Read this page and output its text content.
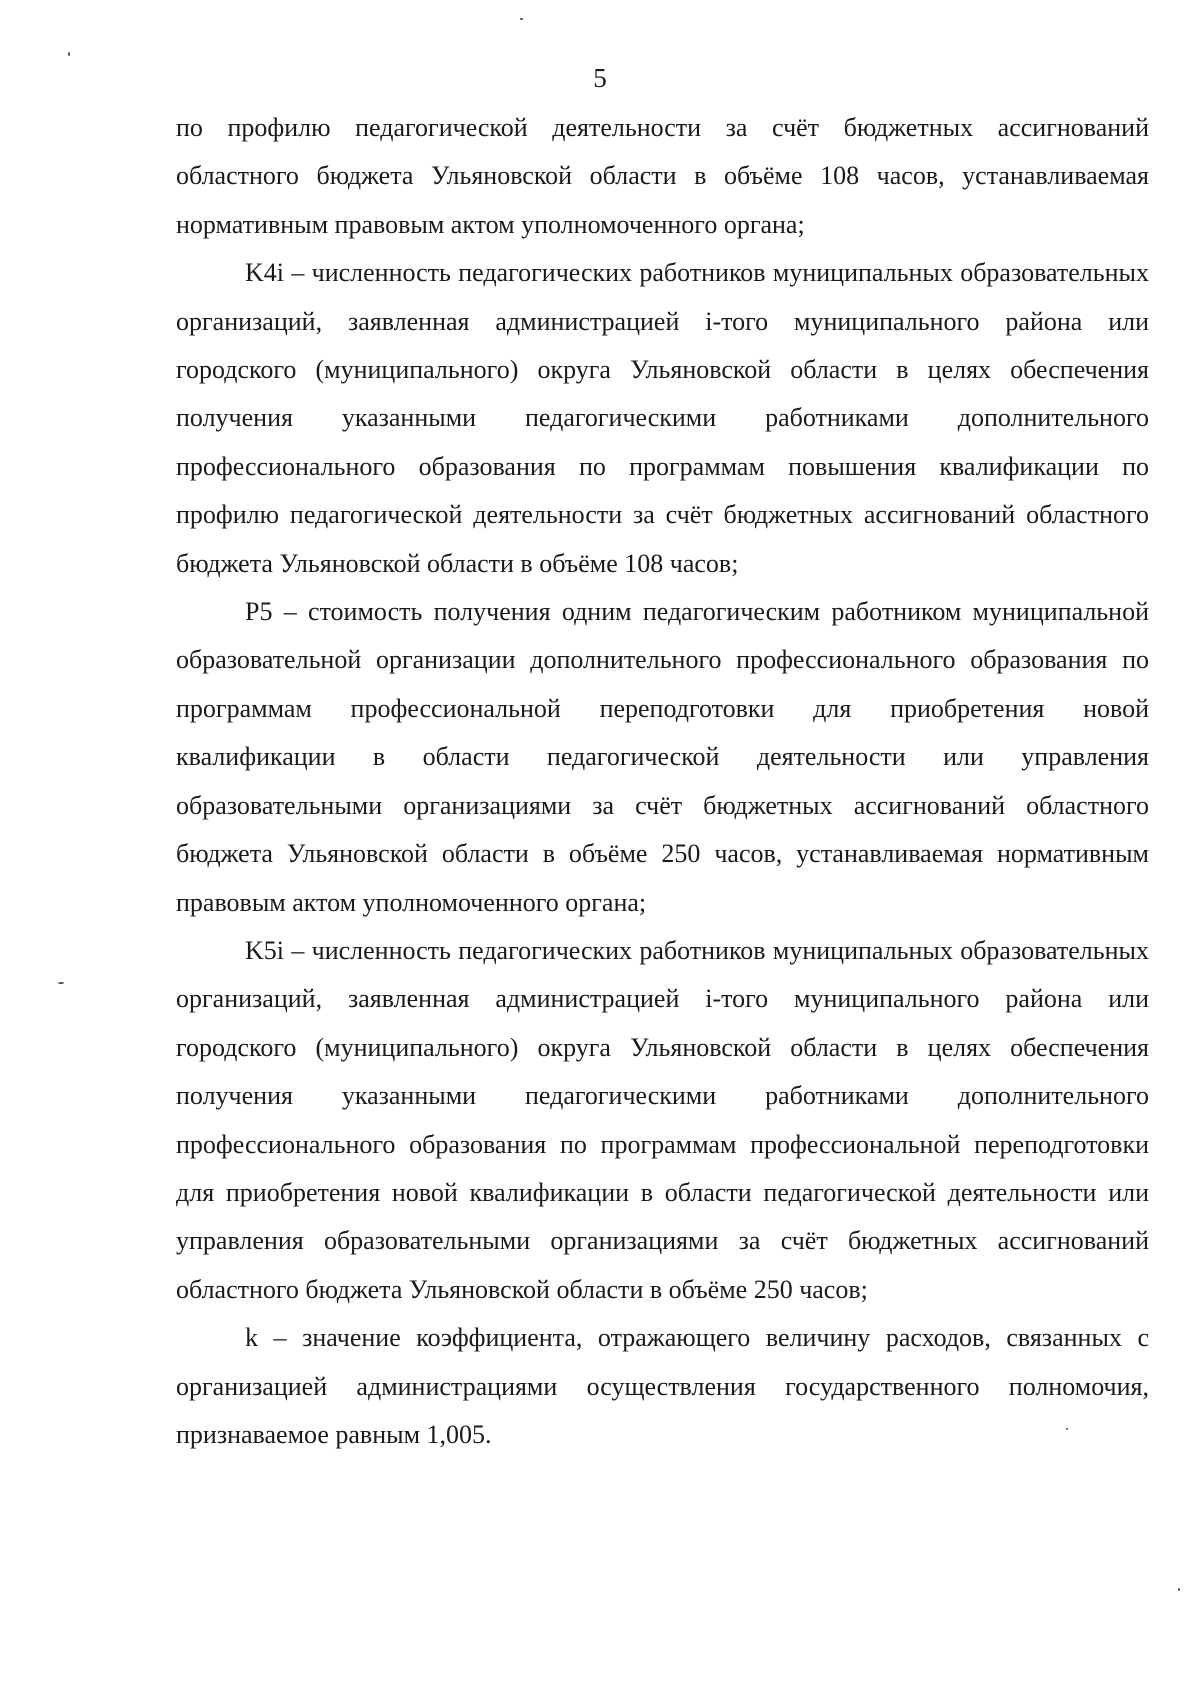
5

по профилю педагогической деятельности за счёт бюджетных ассигнований областного бюджета Ульяновской области в объёме 108 часов, устанавливаемая нормативным правовым актом уполномоченного органа;

K4i – численность педагогических работников муниципальных образовательных организаций, заявленная администрацией i-того муниципального района или городского (муниципального) округа Ульяновской области в целях обеспечения получения указанными педагогическими работниками дополнительного профессионального образования по программам повышения квалификации по профилю педагогической деятельности за счёт бюджетных ассигнований областного бюджета Ульяновской области в объёме 108 часов;

P5 – стоимость получения одним педагогическим работником муниципальной образовательной организации дополнительного профессионального образования по программам профессиональной переподготовки для приобретения новой квалификации в области педагогической деятельности или управления образовательными организациями за счёт бюджетных ассигнований областного бюджета Ульяновской области в объёме 250 часов, устанавливаемая нормативным правовым актом уполномоченного органа;

K5i – численность педагогических работников муниципальных образовательных организаций, заявленная администрацией i-того муниципального района или городского (муниципального) округа Ульяновской области в целях обеспечения получения указанными педагогическими работниками дополнительного профессионального образования по программам профессиональной переподготовки для приобретения новой квалификации в области педагогической деятельности или управления образовательными организациями за счёт бюджетных ассигнований областного бюджета Ульяновской области в объёме 250 часов;

k – значение коэффициента, отражающего величину расходов, связанных с организацией администрациями осуществления государственного полномочия, признаваемое равным 1,005.
